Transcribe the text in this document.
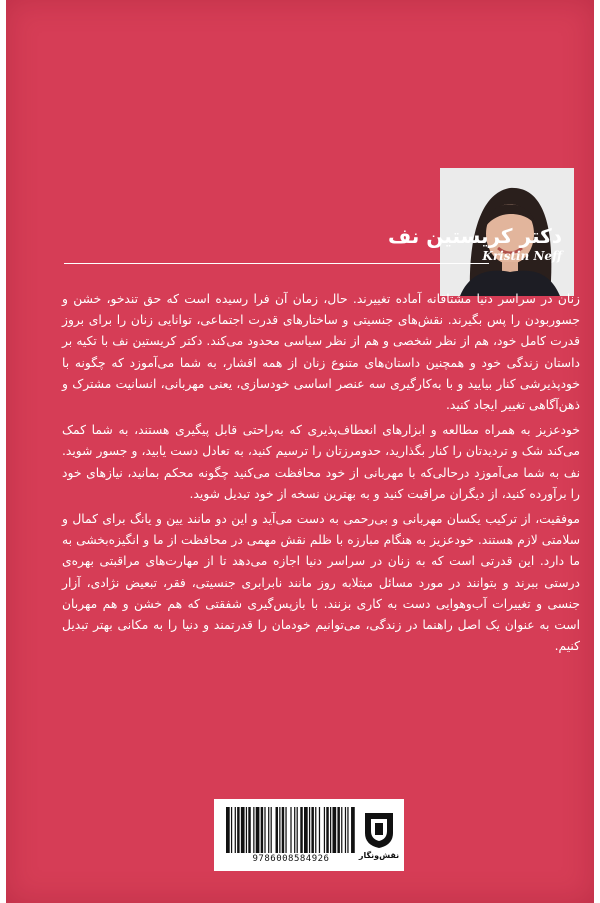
دکتر کریستین نف
Kristin Neff

زنان در سراسر دنیا مشتاقانه آماده تغییرند. حال، زمان آن فرا رسیده است که حق تندخو، خشن و جسوربودن را پس بگیرند. نقش‌های جنسیتی و ساختارهای قدرت اجتماعی، توانایی زنان را برای بروز قدرت کامل خود، هم از نظر شخصی و هم از نظر سیاسی محدود می‌کند. دکتر کریستین نف با تکیه بر داستان زندگی خود و همچنین داستان‌های متنوع زنان از همه اقشار، به شما می‌آموزد که چگونه با خودپذیرشی کنار بیایید و با به‌کارگیری سه عنصر اساسی خودسازی، یعنی مهربانی، انسانیت مشترک و ذهن‌آگاهی تغییر ایجاد کنید.

خودعزیز به همراه مطالعه و ابزارهای انعطاف‌پذیری که به‌راحتی قابل پیگیری هستند، به شما کمک می‌کند شک و تردیدتان را کنار بگذارید، حدومرزتان را ترسیم کنید، به تعادل دست یابید، و جسور شوید. نف به شما می‌آموزد درحالی‌که با مهربانی از خود محافظت می‌کنید چگونه محکم بمانید، نیازهای خود را برآورده کنید، از دیگران مراقبت کنید و به بهترین نسخه از خود تبدیل شوید.

موفقیت، از ترکیب یکسان مهربانی و بی‌رحمی به دست می‌آید و این دو مانند یین و یانگ برای کمال و سلامتی لازم هستند. خودعزیز به هنگام مبارزه با ظلم نقش مهمی در محافظت از ما و انگیزه‌بخشی به ما دارد. این قدرتی است که به زنان در سراسر دنیا اجازه می‌دهد تا از مهارت‌های مراقبتی بهره‌ی درستی ببرند و بتوانند در مورد مسائل مبتلابه روز مانند نابرابری جنسیتی، فقر، تبعیض نژادی، آزار جنسی و تغییرات آب‌وهوایی دست به کاری بزنند. با بازپس‌گیری شفقتی که هم خشن و هم مهربان است به عنوان یک اصل راهنما در زندگی، می‌توانیم خودمان را قدرتمند و دنیا را به مکانی بهتر تبدیل کنیم.

9786008584926	نقش‌ونگار
